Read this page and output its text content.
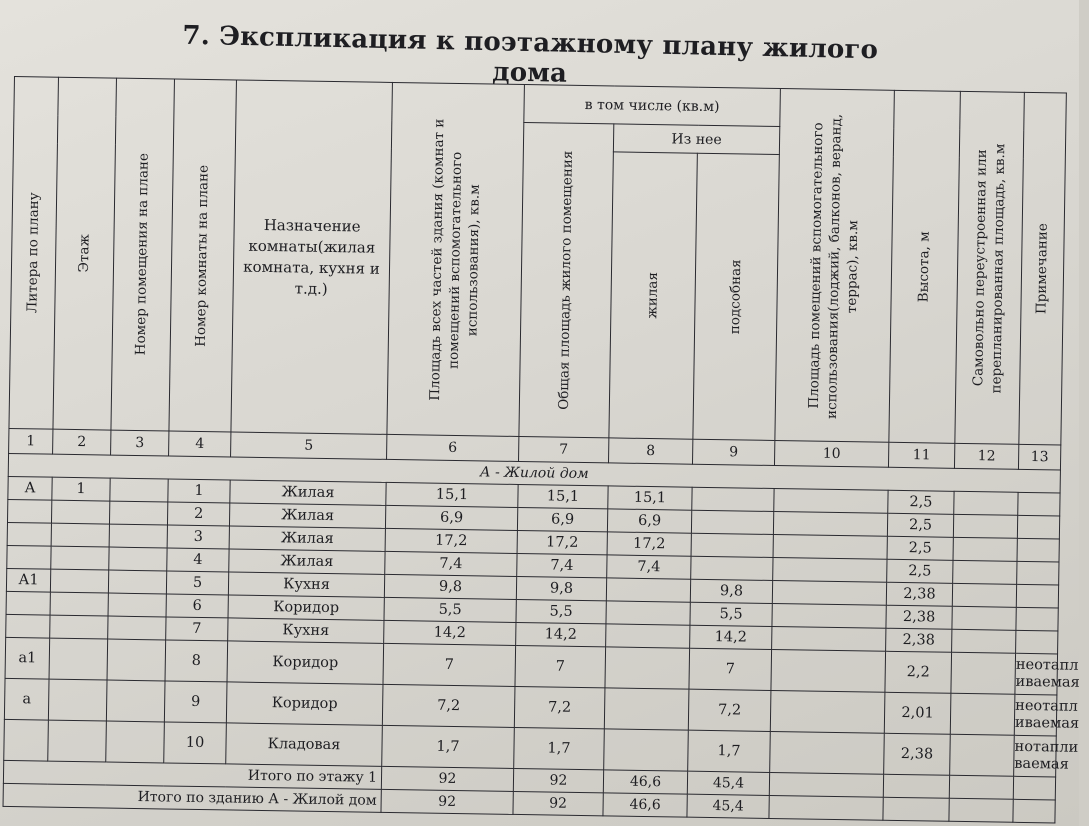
7. Экспликация к поэтажному плану жилого дома
Литера по плану	Этаж	Номер помещения на плане	Номер комнаты на плане	Назначение комнаты(жилая комната, кухня и т.д.)	Площадь всех частей здания (комнат и помещений вспомогательного использования), кв.м	в том числе (кв.м)			Площадь помещений вспомогательного использования(лоджий, балконов, веранд, террас), кв.м	Высота, м	Самовольно переустроенная или перепланированная площадь, кв.м	Примечание

						Общая площадь жилого помещения	Из нее					

							жилая	подсобная				

1	2	3	4	5	6	7	8	9	10	11	12	13
А - Жилой дом												
А	1		1	Жилая	15,1	15,1	15,1			2,5		
			2	Жилая	6,9	6,9	6,9			2,5		
			3	Жилая	17,2	17,2	17,2			2,5		
			4	Жилая	7,4	7,4	7,4			2,5		
А1			5	Кухня	9,8	9,8		9,8		2,38		
			6	Коридор	5,5	5,5		5,5		2,38		
			7	Кухня	14,2	14,2		14,2		2,38		
а1			8	Коридор	7	7		7		2,2		неотапл иваемая
а			9	Коридор	7,2	7,2		7,2		2,01		неотапл иваемая
			10	Кладовая	1,7	1,7		1,7		2,38		нотапли ваемая
Итого по этажу 1					92	92	46,6	45,4				
Итого по зданию А - Жилой дом					92	92	46,6	45,4				
